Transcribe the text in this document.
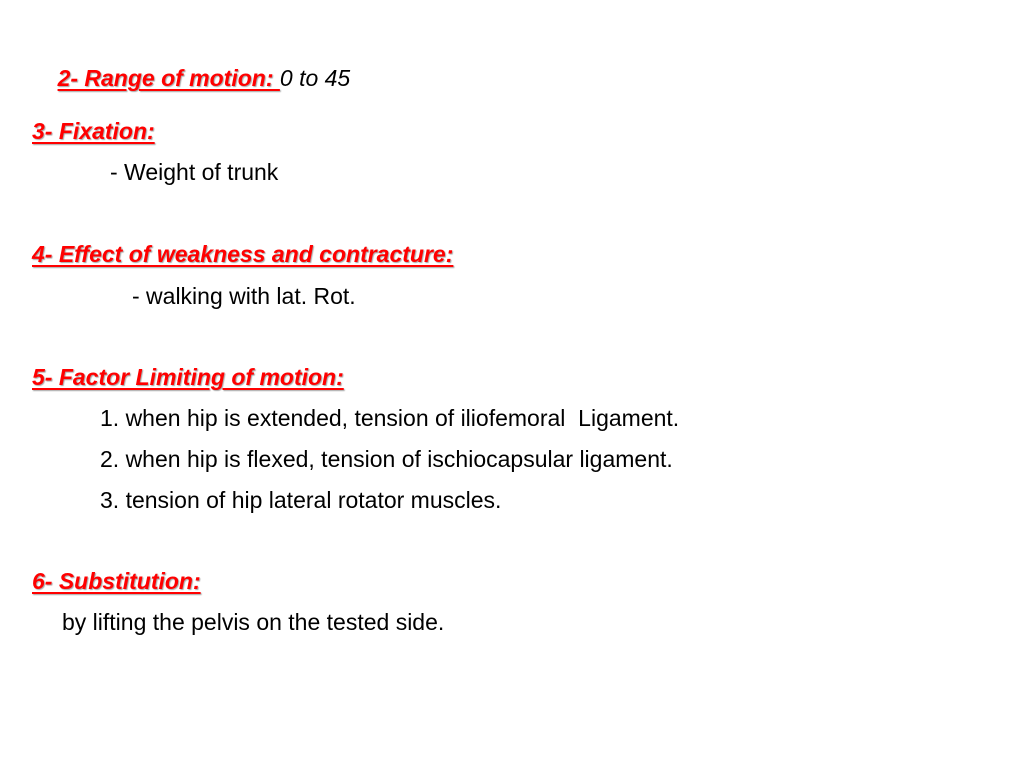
2- Range of motion: 0 to 45

3- Fixation:
- Weight of trunk
4- Effect of weakness and contracture:
- walking with lat. Rot.
5- Factor Limiting of motion:
1. when hip is extended, tension of iliofemoral  Ligament.
2. when hip is flexed, tension of ischiocapsular ligament.
3. tension of hip lateral rotator muscles.
6- Substitution:
by lifting the pelvis on the tested side.
